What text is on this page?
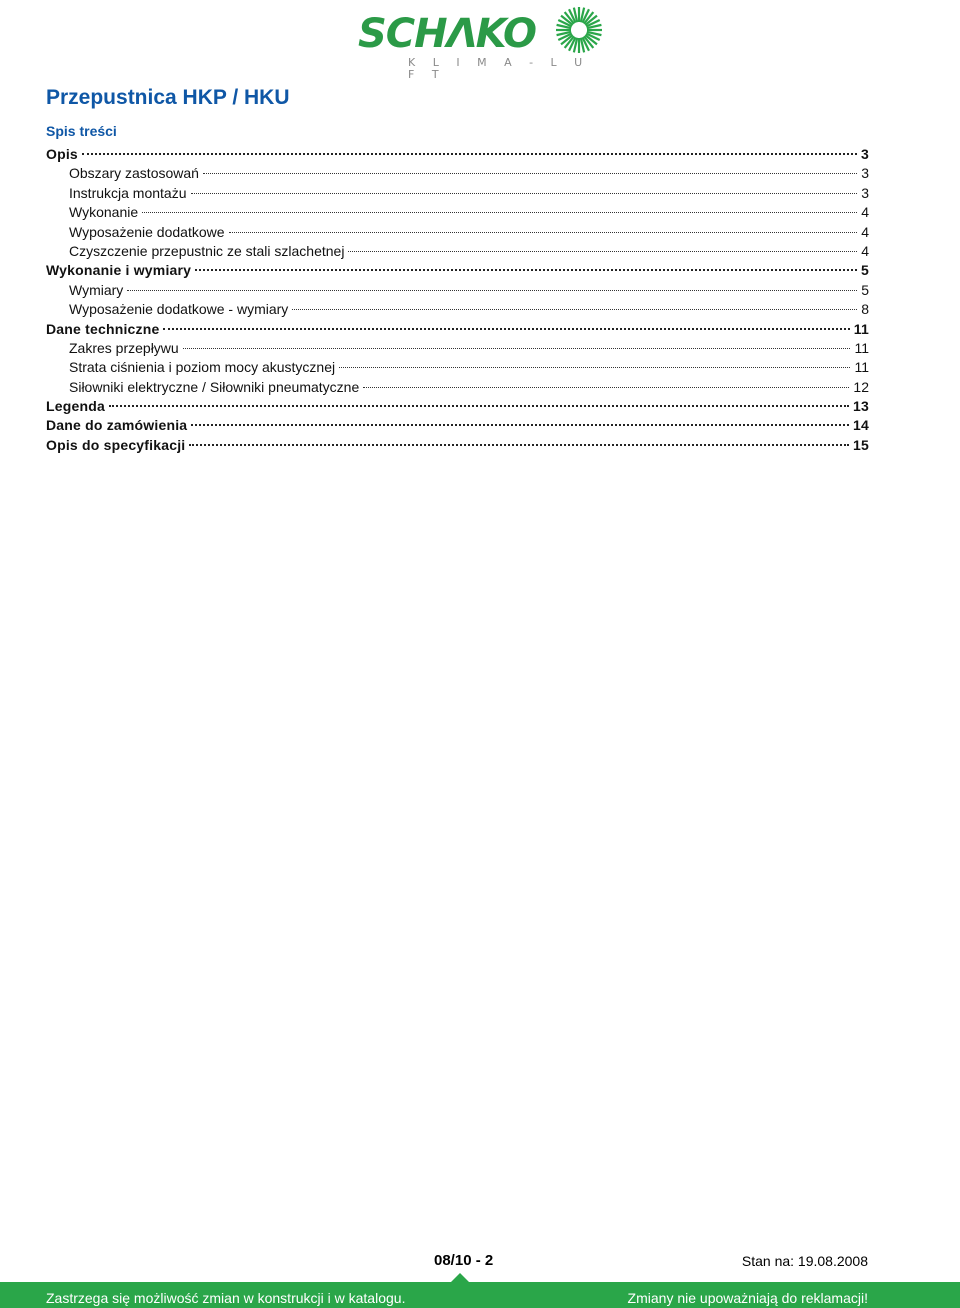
SCHΛKO
K L I M A - L U F T
Przepustnica HKP / HKU
Spis treści
Opis	3
Obszary zastosowań	3
Instrukcja montażu	3
Wykonanie	4
Wyposażenie dodatkowe	4
Czyszczenie przepustnic ze stali szlachetnej	4
Wykonanie i wymiary	5
Wymiary	5
Wyposażenie dodatkowe - wymiary	8
Dane techniczne	11
Zakres przepływu	11
Strata ciśnienia i poziom mocy akustycznej	11
Siłowniki elektryczne / Siłowniki pneumatyczne	12
Legenda	13
Dane do zamówienia	14
Opis do specyfikacji	15
08/10 - 2	Stan na: 19.08.2008
Zastrzega się możliwość zmian w konstrukcji i w katalogu.	Zmiany nie upoważniają do reklamacji!
